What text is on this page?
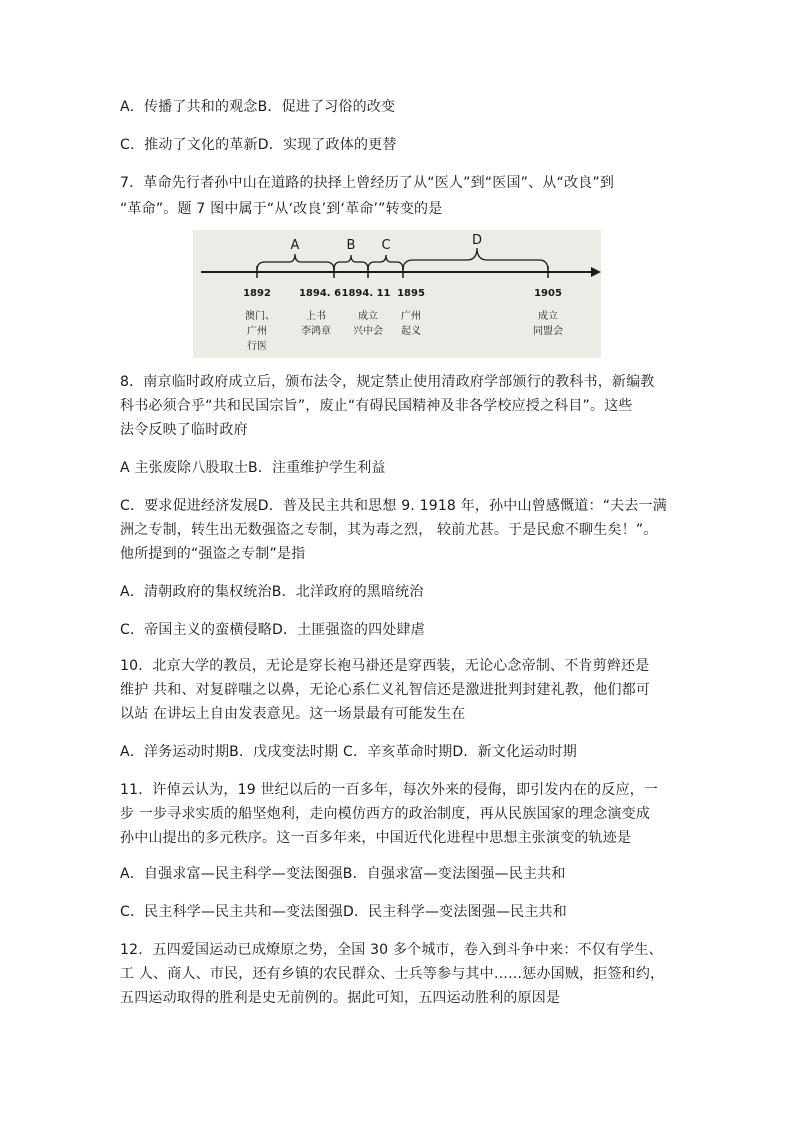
A．传播了共和的观念B．促进了习俗的改变
C．推动了文化的革新D．实现了政体的更替
7．革命先行者孙中山在道路的抉择上曾经历了从“医人”到“医国”、从“改良”到
“革命”。题 7 图中属于“从‘改良’到‘革命’”转变的是
A	B C	D
1892	1894. 6 1894. 11 1895	1905
澳门、
广州
行医
上书
李鸿章
成立
兴中会
广州
起义
成立
同盟会
8．南京临时政府成立后，颁布法令，规定禁止使用清政府学部颁行的教科书，新编教
科书必须合乎“共和民国宗旨”，废止“有碍民国精神及非各学校应授之科目”。这些
法令反映了临时政府
A 主张废除八股取士B．注重维护学生利益
C．要求促进经济发展D．普及民主共和思想 9. 1918 年，孙中山曾感慨道：“夫去一满
洲之专制，转生出无数强盗之专制，其为毒之烈， 较前尤甚。于是民愈不聊生矣！”。
他所提到的“强盗之专制”是指
A．清朝政府的集权统治B．北洋政府的黑暗统治
C．帝国主义的蛮横侵略D．土匪强盗的四处肆虐
10．北京大学的教员，无论是穿长袍马褂还是穿西装，无论心念帝制、不肯剪辫还是
维护 共和、对复辟嗤之以鼻，无论心系仁义礼智信还是激进批判封建礼教，他们都可
以站 在讲坛上自由发表意见。这一场景最有可能发生在
A．洋务运动时期B．戊戌变法时期 C．辛亥革命时期D．新文化运动时期
11．许倬云认为，19 世纪以后的一百多年，每次外来的侵侮，即引发内在的反应，一
步 一步寻求实质的船坚炮利，走向模仿西方的政治制度，再从民族国家的理念演变成
孙中山提出的多元秩序。这一百多年来，中国近代化进程中思想主张演变的轨迹是
A．自强求富—民主科学—变法图强B．自强求富—变法图强—民主共和
C．民主科学—民主共和—变法图强D．民主科学—变法图强—民主共和
12．五四爱国运动已成燎原之势，全国 30 多个城市，卷入到斗争中来：不仅有学生、
工 人、商人、市民，还有乡镇的农民群众、士兵等参与其中……惩办国贼，拒签和约，
五四运动取得的胜利是史无前例的。据此可知，五四运动胜利的原因是
